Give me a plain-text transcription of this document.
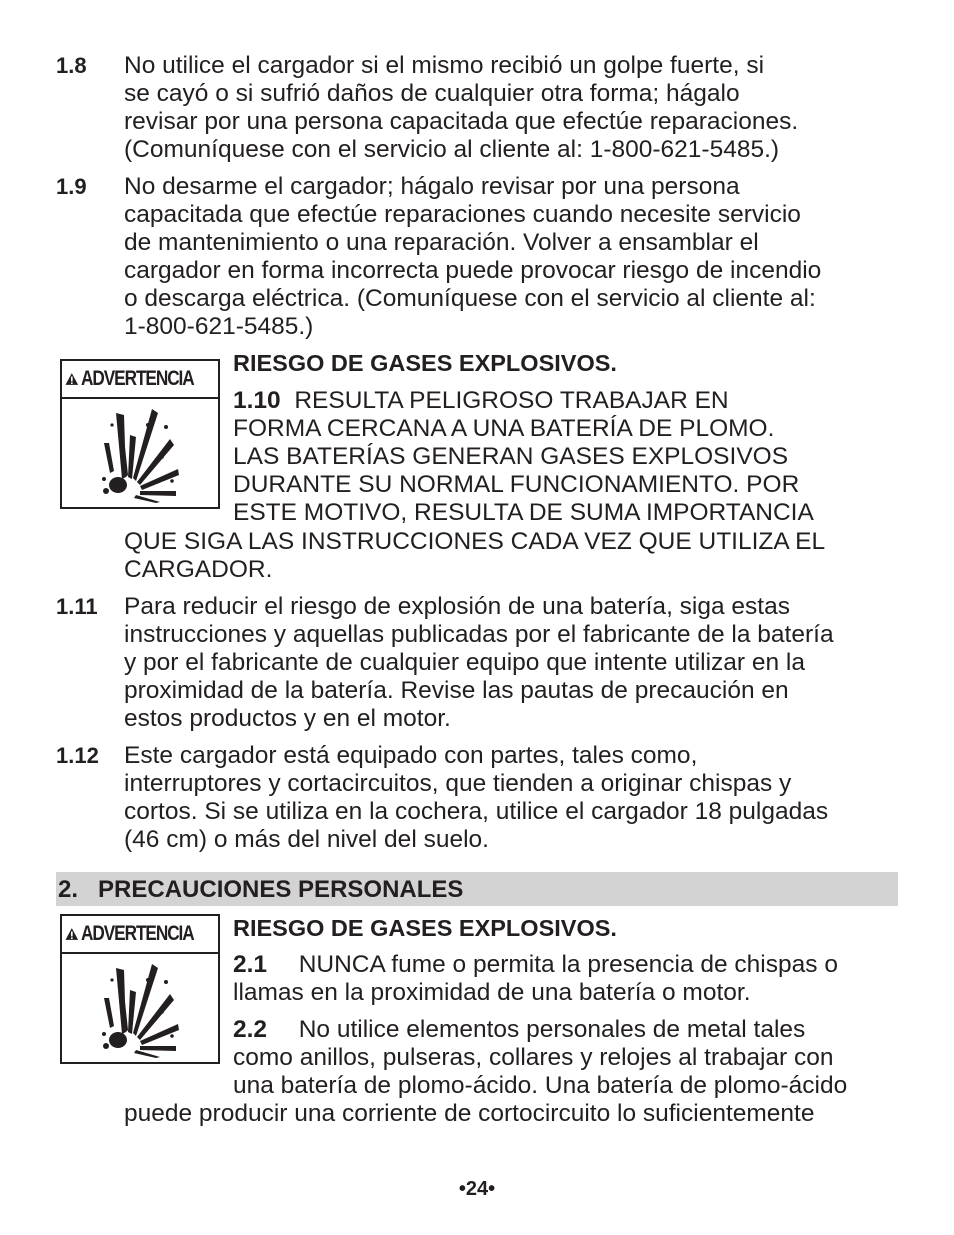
1.8 No utilice el cargador si el mismo recibió un golpe fuerte, si
se cayó o si sufrió daños de cualquier otra forma; hágalo
revisar por una persona capacitada que efectúe reparaciones.
(Comuníquese con el servicio al cliente al: 1-800-621-5485.)
1.9 No desarme el cargador; hágalo revisar por una persona
capacitada que efectúe reparaciones cuando necesite servicio
de mantenimiento o una reparación. Volver a ensamblar el
cargador en forma incorrecta puede provocar riesgo de incendio
o descarga eléctrica. (Comuníquese con el servicio al cliente al:
1-800-621-5485.)
ADVERTENCIA
RIESGO DE GASES EXPLOSIVOS.
1.10 RESULTA PELIGROSO TRABAJAR EN
FORMA CERCANA A UNA BATERÍA DE PLOMO.
LAS BATERÍAS GENERAN GASES EXPLOSIVOS
DURANTE SU NORMAL FUNCIONAMIENTO. POR
ESTE MOTIVO, RESULTA DE SUMA IMPORTANCIA
QUE SIGA LAS INSTRUCCIONES CADA VEZ QUE UTILIZA EL
CARGADOR.
1.11 Para reducir el riesgo de explosión de una batería, siga estas
instrucciones y aquellas publicadas por el fabricante de la batería
y por el fabricante de cualquier equipo que intente utilizar en la
proximidad de la batería. Revise las pautas de precaución en
estos productos y en el motor.
1.12 Este cargador está equipado con partes, tales como,
interruptores y cortacircuitos, que tienden a originar chispas y
cortos. Si se utiliza en la cochera, utilice el cargador 18 pulgadas
(46 cm) o más del nivel del suelo.
2.   PRECAUCIONES PERSONALES
ADVERTENCIA RIESGO DE GASES EXPLOSIVOS.
2.1 NUNCA fume o permita la presencia de chispas o
llamas en la proximidad de una batería o motor.
2.2 No utilice elementos personales de metal tales
como anillos, pulseras, collares y relojes al trabajar con
una batería de plomo-ácido. Una batería de plomo-ácido
puede producir una corriente de cortocircuito lo suficientemente
•24•
